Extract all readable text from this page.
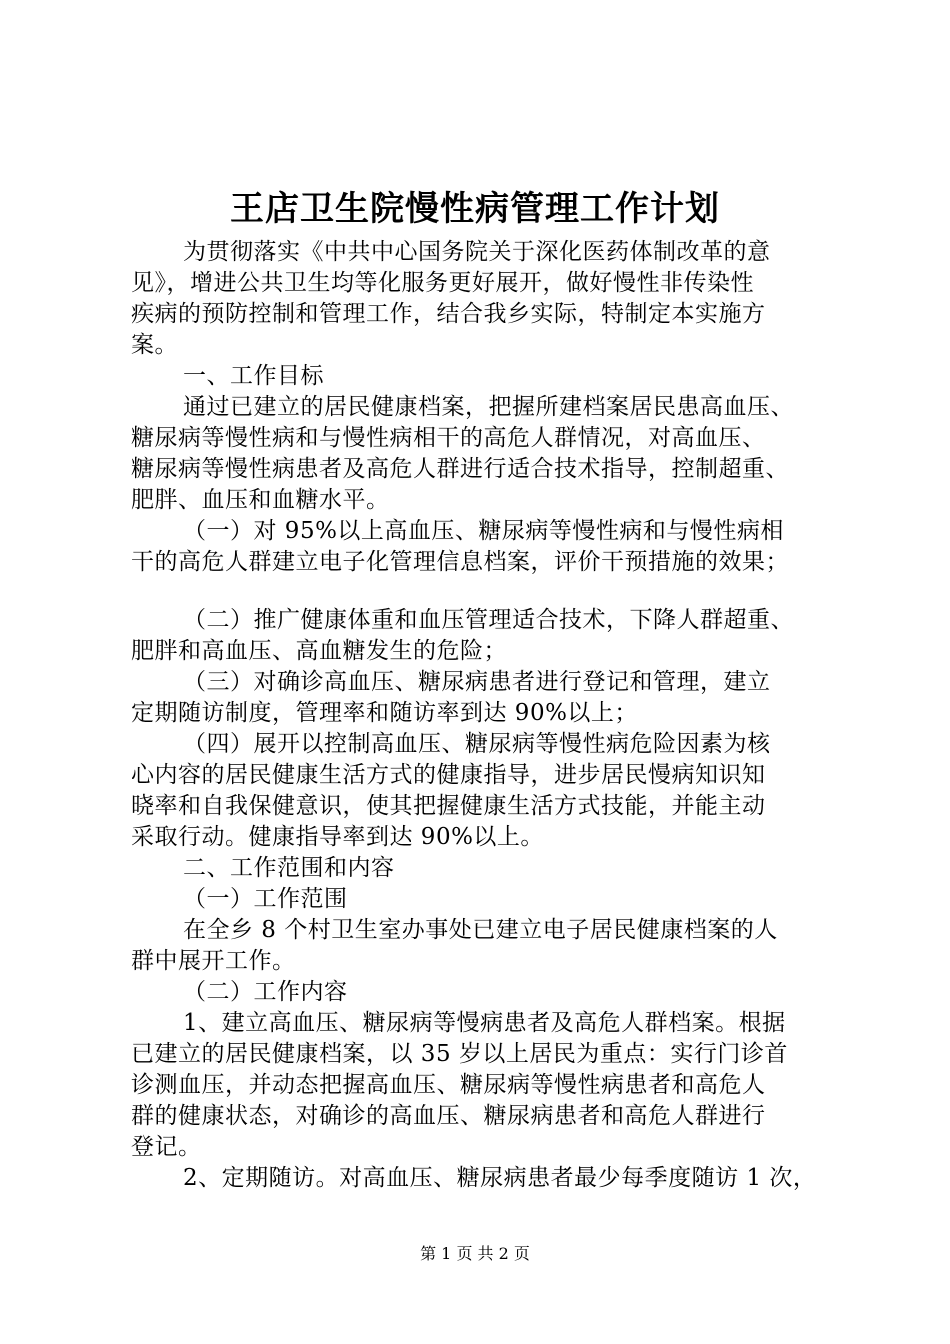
王店卫生院慢性病管理工作计划
为贯彻落实《中共中心国务院关于深化医药体制改革的意
见》，增进公共卫生均等化服务更好展开，做好慢性非传染性
疾病的预防控制和管理工作，结合我乡实际，特制定本实施方
案。
一、工作目标
通过已建立的居民健康档案，把握所建档案居民患高血压、
糖尿病等慢性病和与慢性病相干的高危人群情况，对高血压、
糖尿病等慢性病患者及高危人群进行适合技术指导，控制超重、
肥胖、血压和血糖水平。
（一）对 95%以上高血压、糖尿病等慢性病和与慢性病相
干的高危人群建立电子化管理信息档案，评价干预措施的效果；
（二）推广健康体重和血压管理适合技术，下降人群超重、
肥胖和高血压、高血糖发生的危险；
（三）对确诊高血压、糖尿病患者进行登记和管理，建立
定期随访制度，管理率和随访率到达 90%以上；
（四）展开以控制高血压、糖尿病等慢性病危险因素为核
心内容的居民健康生活方式的健康指导，进步居民慢病知识知
晓率和自我保健意识，使其把握健康生活方式技能，并能主动
采取行动。健康指导率到达 90%以上。
二、工作范围和内容
（一）工作范围
在全乡 8 个村卫生室办事处已建立电子居民健康档案的人
群中展开工作。
（二）工作内容
1、建立高血压、糖尿病等慢病患者及高危人群档案。根据
已建立的居民健康档案，以 35 岁以上居民为重点：实行门诊首
诊测血压，并动态把握高血压、糖尿病等慢性病患者和高危人
群的健康状态，对确诊的高血压、糖尿病患者和高危人群进行
登记。
2、定期随访。对高血压、糖尿病患者最少每季度随访 1 次，
第 1 页 共 2 页
